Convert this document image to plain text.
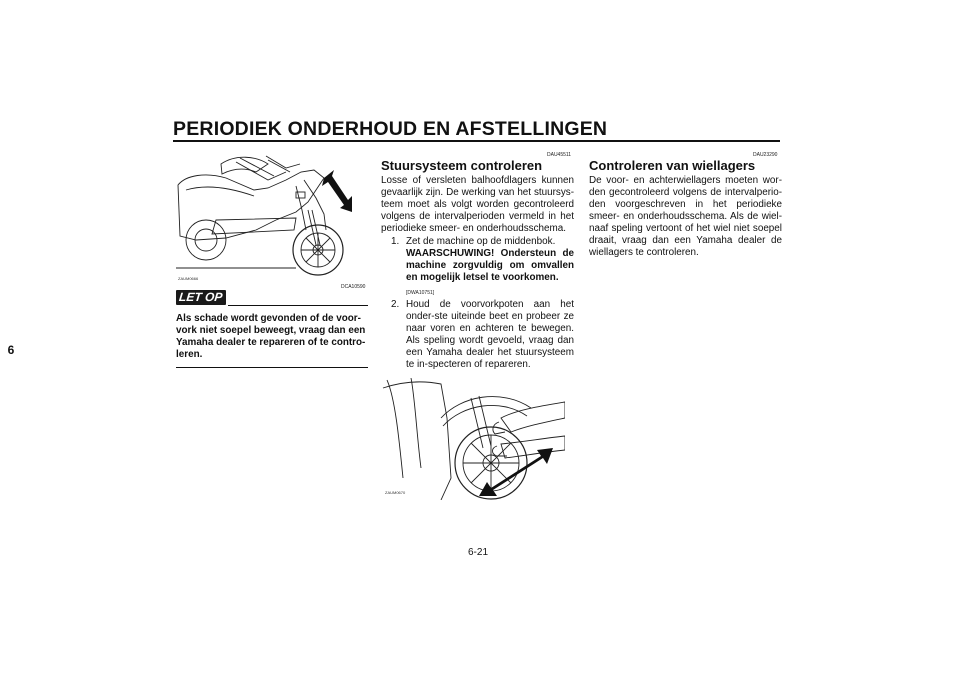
PERIODIEK ONDERHOUD EN AFSTELLINGEN
6
ZAUM0666
DCA10590
LET OP
Als schade wordt gevonden of de voor-vork niet soepel beweegt, vraag dan een Yamaha dealer te repareren of te contro-leren.
DAU45511
Stuursysteem controleren
Losse of versleten balhoofdlagers kunnen gevaarlijk zijn. De werking van het stuursys-teem moet als volgt worden gecontroleerd volgens de intervalperioden vermeld in het periodieke smeer- en onderhoudsschema.
1. Zet de machine op de middenbok.
WAARSCHUWING! Ondersteun de machine zorgvuldig om omvallen en mogelijk letsel te voorkomen.
[DWA10751]
2. Houd de voorvorkpoten aan het onder-ste uiteinde beet en probeer ze naar voren en achteren te bewegen. Als speling wordt gevoeld, vraag dan een Yamaha dealer het stuursysteem te in-specteren of repareren.
ZAUM0670
DAU23290
Controleren van wiellagers
De voor- en achterwiellagers moeten wor-den gecontroleerd volgens de intervalperio-den voorgeschreven in het periodieke smeer- en onderhoudsschema. Als de wiel-naaf speling vertoont of het wiel niet soepel draait, vraag dan een Yamaha dealer de wiellagers te controleren.
6-21
